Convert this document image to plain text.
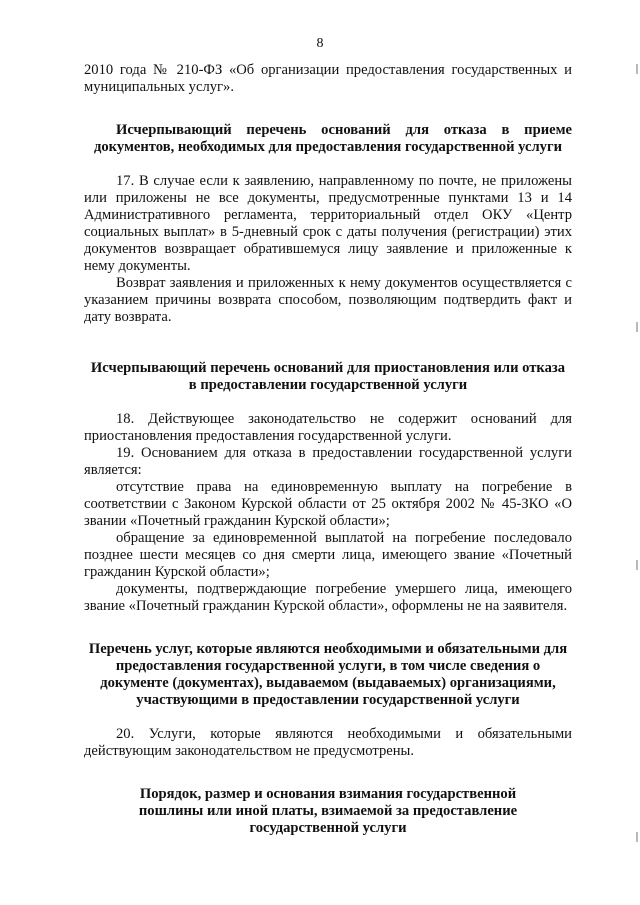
8

2010 года № 210-ФЗ «Об организации предоставления государственных и муниципальных услуг».

Исчерпывающий перечень оснований для отказа в приеме документов, необходимых для предоставления государственной услуги

17. В случае если к заявлению, направленному по почте, не приложены или приложены не все документы, предусмотренные пунктами 13 и 14 Административного регламента, территориальный отдел ОКУ «Центр социальных выплат» в 5-дневный срок с даты получения (регистрации) этих документов возвращает обратившемуся лицу заявление и приложенные к нему документы.

Возврат заявления и приложенных к нему документов осуществляется с указанием причины возврата способом, позволяющим подтвердить факт и дату возврата.

Исчерпывающий перечень оснований для приостановления или отказа в предоставлении государственной услуги

18. Действующее законодательство не содержит оснований для приостановления предоставления государственной услуги.

19. Основанием для отказа в предоставлении государственной услуги является:

отсутствие права на единовременную выплату на погребение в соответствии с Законом Курской области от 25 октября 2002 № 45-ЗКО «О звании «Почетный гражданин Курской области»;

обращение за единовременной выплатой на погребение последовало позднее шести месяцев со дня смерти лица, имеющего звание «Почетный гражданин Курской области»;

документы, подтверждающие погребение умершего лица, имеющего звание «Почетный гражданин Курской области», оформлены не на заявителя.

Перечень услуг, которые являются необходимыми и обязательными для предоставления государственной услуги, в том числе сведения о документе (документах), выдаваемом (выдаваемых) организациями, участвующими в предоставлении государственной услуги

20. Услуги, которые являются необходимыми и обязательными действующим законодательством не предусмотрены.

Порядок, размер и основания взимания государственной пошлины или иной платы, взимаемой за предоставление государственной услуги
